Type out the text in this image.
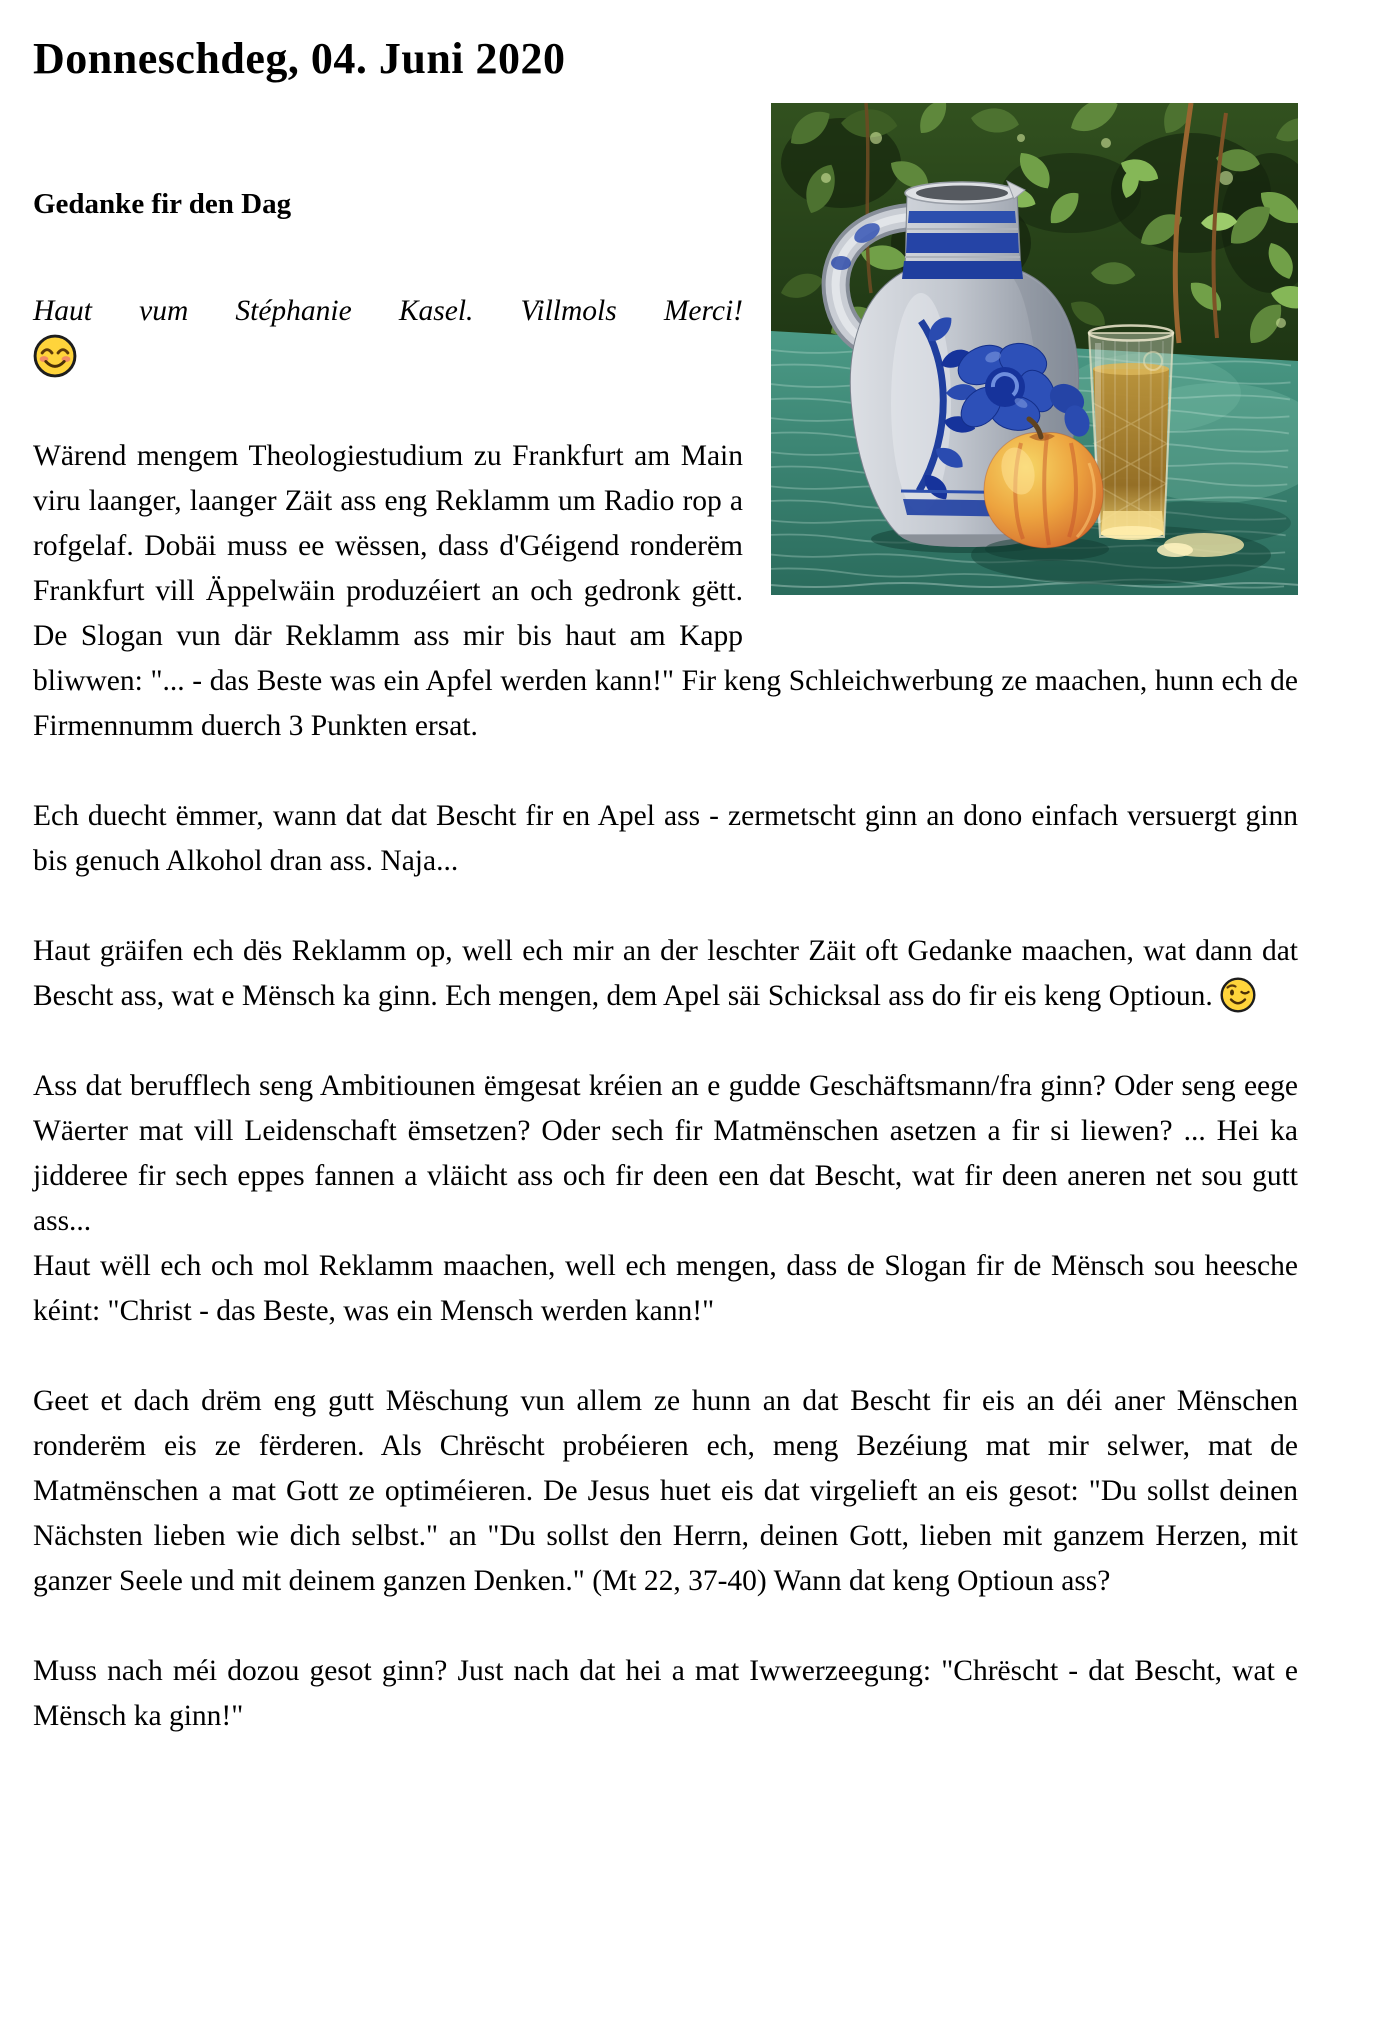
Donneschdeg, 04. Juni 2020
Gedanke fir den Dag

Haut vum Stéphanie Kasel. Villmols Merci!

Wärend mengem Theologiestudium zu Frankfurt am Main viru laanger, laanger Zäit ass eng Reklamm um Radio rop a rofgelaf. Dobäi muss ee wëssen, dass d'Géigend ronderëm Frankfurt vill Äppelwäin produzéiert an och gedronk gëtt. De Slogan vun där Reklamm ass mir bis haut am Kapp bliwwen: "... - das Beste was ein Apfel werden kann!" Fir keng Schleichwerbung ze maachen, hunn ech de Firmennumm duerch 3 Punkten ersat.

Ech duecht ëmmer, wann dat dat Bescht fir en Apel ass - zermetscht ginn an dono einfach versuergt ginn bis genuch Alkohol dran ass. Naja...

Haut gräifen ech dës Reklamm op, well ech mir an der leschter Zäit oft Gedanke maachen, wat dann dat Bescht ass, wat e Mënsch ka ginn. Ech mengen, dem Apel säi Schicksal ass do fir eis keng Optioun.

Ass dat berufflech seng Ambitiounen ëmgesat kréien an e gudde Geschäftsmann/fra ginn? Oder seng eege Wäerter mat vill Leidenschaft ëmsetzen? Oder sech fir Matmënschen asetzen a fir si liewen? ... Hei ka jidderee fir sech eppes fannen a vläicht ass och fir deen een dat Bescht, wat fir deen aneren net sou gutt ass...

Haut wëll ech och mol Reklamm maachen, well ech mengen, dass de Slogan fir de Mënsch sou heesche kéint: "Christ - das Beste, was ein Mensch werden kann!"

Geet et dach drëm eng gutt Mëschung vun allem ze hunn an dat Bescht fir eis an déi aner Mënschen ronderëm eis ze fërderen. Als Chrëscht probéieren ech, meng Bezéiung mat mir selwer, mat de Matmënschen a mat Gott ze optiméieren. De Jesus huet eis dat virgelieft an eis gesot: "Du sollst deinen Nächsten lieben wie dich selbst." an "Du sollst den Herrn, deinen Gott, lieben mit ganzem Herzen, mit ganzer Seele und mit deinem ganzen Denken." (Mt 22, 37-40) Wann dat keng Optioun ass?

Muss nach méi dozou gesot ginn? Just nach dat hei a mat Iwwerzeegung: "Chrëscht - dat Bescht, wat e Mënsch ka ginn!"
